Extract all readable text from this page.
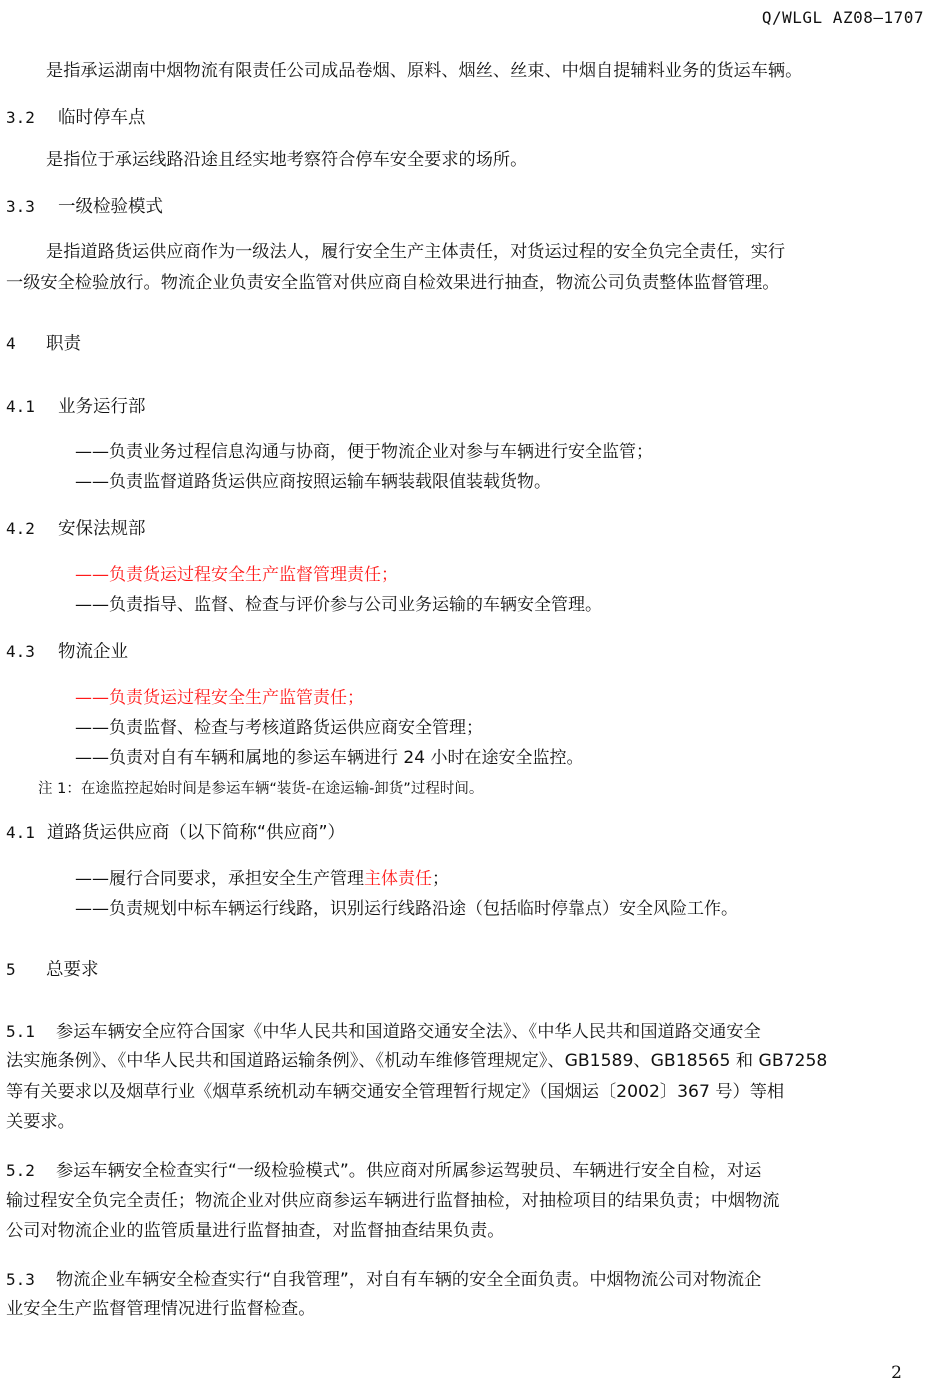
Q/WLGL AZ08—1707
是指承运湖南中烟物流有限责任公司成品卷烟、原料、烟丝、丝束、中烟自提辅料业务的货运车辆。
3.2 临时停车点
是指位于承运线路沿途且经实地考察符合停车安全要求的场所。
3.3 一级检验模式
是指道路货运供应商作为一级法人，履行安全生产主体责任，对货运过程的安全负完全责任，实行
一级安全检验放行。物流企业负责安全监管对供应商自检效果进行抽查，物流公司负责整体监督管理。
4 职责
4.1 业务运行部
——负责业务过程信息沟通与协商，便于物流企业对参与车辆进行安全监管；
——负责监督道路货运供应商按照运输车辆装载限值装载货物。
4.2 安保法规部
——负责货运过程安全生产监督管理责任；
——负责指导、监督、检查与评价参与公司业务运输的车辆安全管理。
4.3 物流企业
——负责货运过程安全生产监管责任；
——负责监督、检查与考核道路货运供应商安全管理；
——负责对自有车辆和属地的参运车辆进行 24 小时在途安全监控。
注 1：在途监控起始时间是参运车辆“装货-在途运输-卸货”过程时间。
4.1 道路货运供应商（以下简称“供应商”）
——履行合同要求，承担安全生产管理主体责任；
——负责规划中标车辆运行线路，识别运行线路沿途（包括临时停靠点）安全风险工作。
5 总要求
5.1 参运车辆安全应符合国家《中华人民共和国道路交通安全法》、《中华人民共和国道路交通安全
法实施条例》、《中华人民共和国道路运输条例》、《机动车维修管理规定》、GB1589、GB18565 和 GB7258
等有关要求以及烟草行业《烟草系统机动车辆交通安全管理暂行规定》（国烟运〔2002〕367 号）等相
关要求。
5.2 参运车辆安全检查实行“一级检验模式”。供应商对所属参运驾驶员、车辆进行安全自检，对运
输过程安全负完全责任；物流企业对供应商参运车辆进行监督抽检，对抽检项目的结果负责；中烟物流
公司对物流企业的监管质量进行监督抽查，对监督抽查结果负责。
5.3 物流企业车辆安全检查实行“自我管理”，对自有车辆的安全全面负责。中烟物流公司对物流企
业安全生产监督管理情况进行监督检查。
2
